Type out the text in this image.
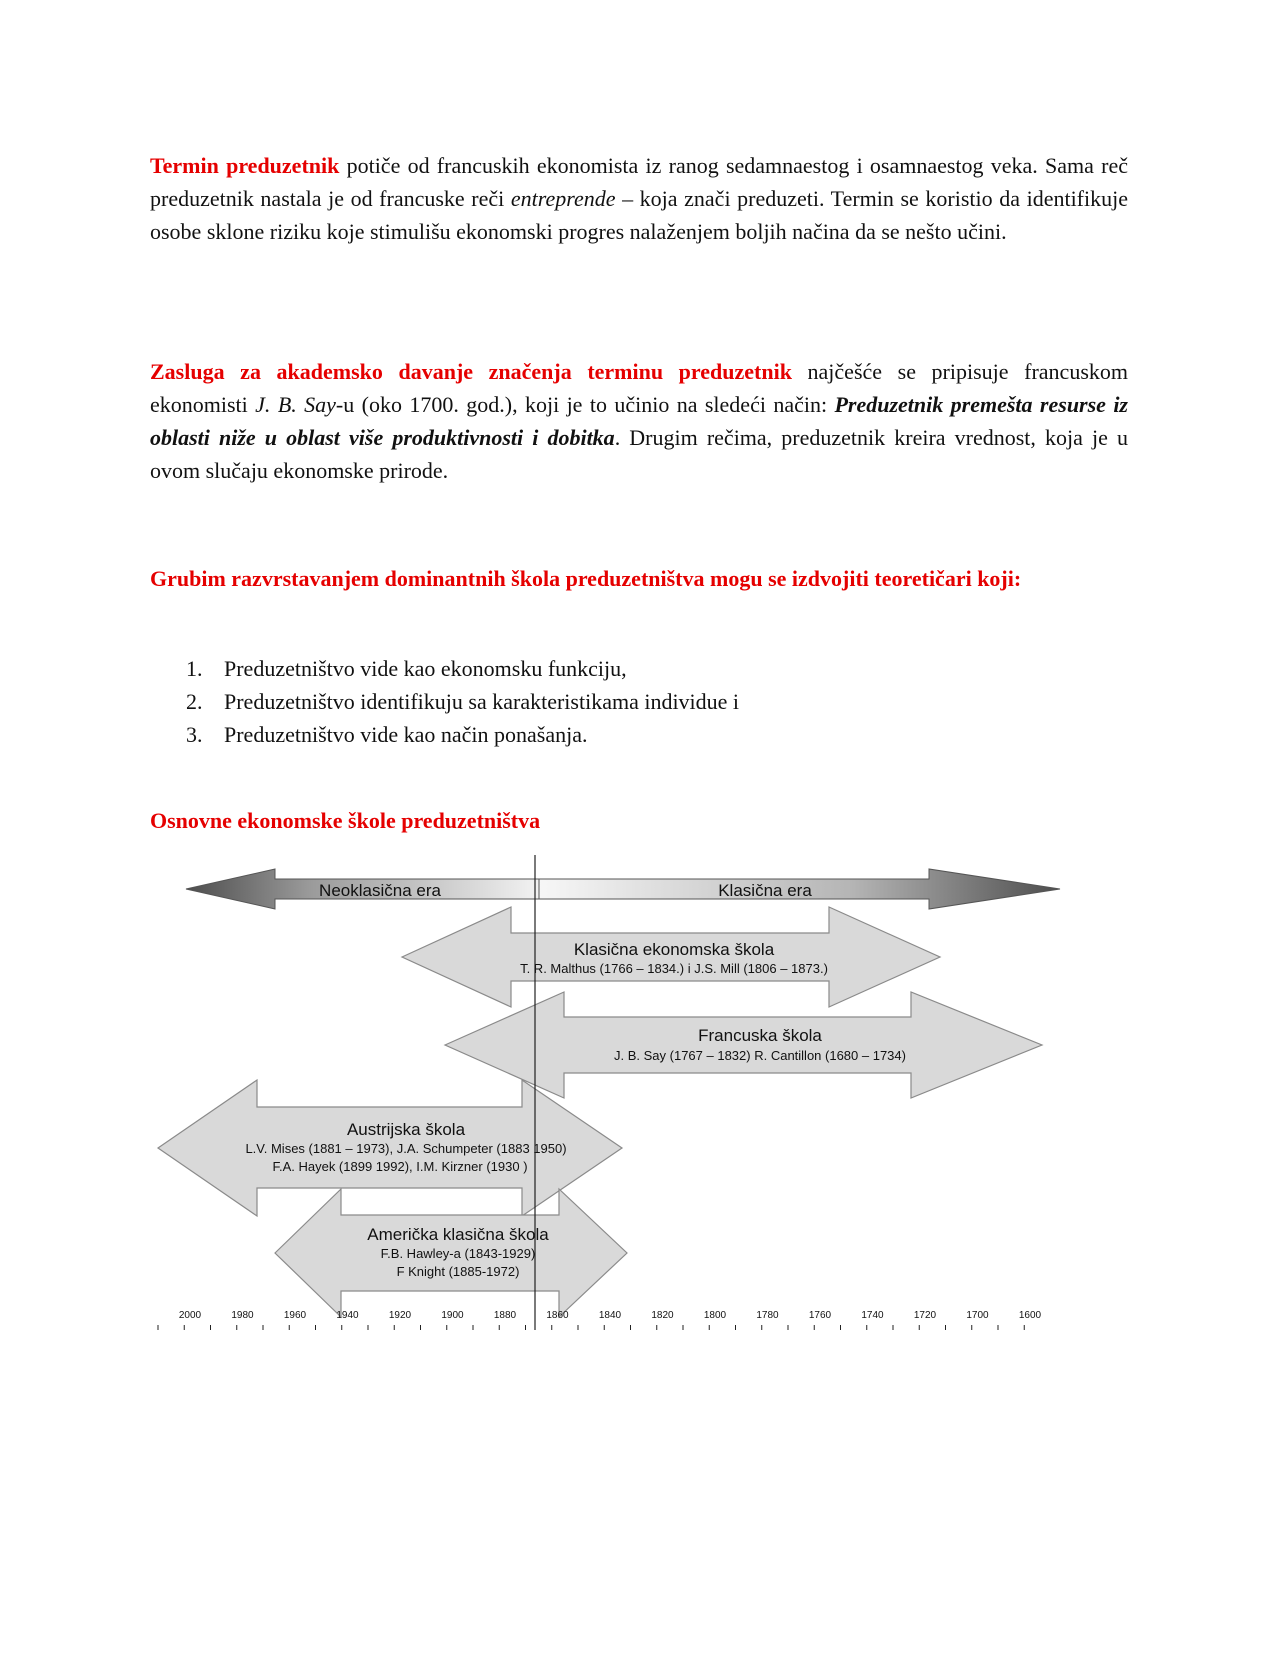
Termin preduzetnik potiče od francuskih ekonomista iz ranog sedamnaestog i osamnaestog veka. Sama reč preduzetnik nastala je od francuske reči entreprende – koja znači preduzeti. Termin se koristio da identifikuje osobe sklone riziku koje stimulišu ekonomski progres nalaženjem boljih načina da se nešto učini.

Zasluga za akademsko davanje značenja terminu preduzetnik najčešće se pripisuje francuskom ekonomisti J. B. Say-u (oko 1700. god.), koji je to učinio na sledeći način: Preduzetnik premešta resurse iz oblasti niže u oblast više produktivnosti i dobitka. Drugim rečima, preduzetnik kreira vrednost, koja je u ovom slučaju ekonomske prirode.

Grubim razvrstavanjem dominantnih škola preduzetništva mogu se izdvojiti teoretičari koji:

1. Preduzetništvo vide kao ekonomsku funkciju,
2. Preduzetništvo identifikuju sa karakteristikama individue i
3. Preduzetništvo vide kao način ponašanja.
Osnovne ekonomske škole preduzetništva
Neoklasična era	Klasična era
Klasična ekonomska škola
T. R. Malthus (1766 – 1834.) i J.S. Mill (1806 – 1873.)
Francuska škola
J. B. Say (1767 – 1832) R. Cantillon (1680 – 1734)
Austrijska škola
L.V. Mises (1881 – 1973), J.A. Schumpeter (1883 1950)
F.A. Hayek (1899 1992), I.M. Kirzner (1930 )
Američka klasična škola
F.B. Hawley-a (1843-1929)
F Knight (1885-1972)
2000	1980	1960	1940	1920	1900	1880	1860	1840	1820	1800	1780	1760	1740	1720	1700	1600
